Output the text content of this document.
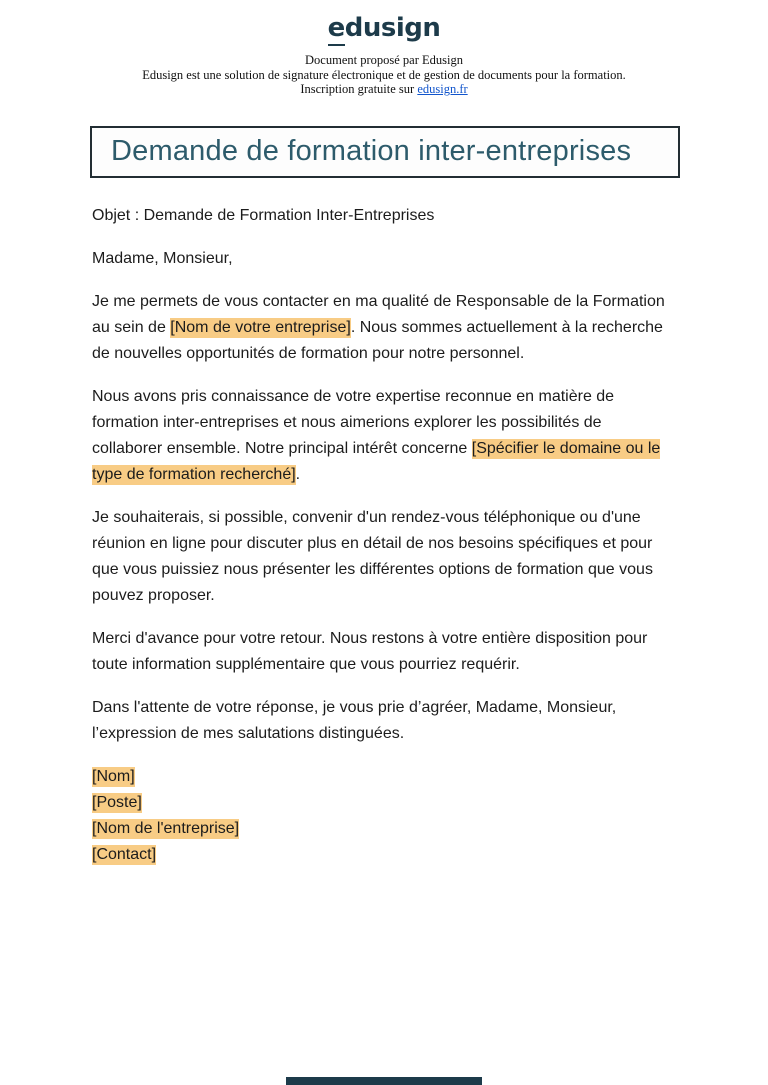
edusign
Document proposé par Edusign
Edusign est une solution de signature électronique et de gestion de documents pour la formation.
Inscription gratuite sur edusign.fr
Demande de formation inter-entreprises

Objet : Demande de Formation Inter-Entreprises

Madame, Monsieur,

Je me permets de vous contacter en ma qualité de Responsable de la Formation au sein de [Nom de votre entreprise]. Nous sommes actuellement à la recherche de nouvelles opportunités de formation pour notre personnel.

Nous avons pris connaissance de votre expertise reconnue en matière de formation inter-entreprises et nous aimerions explorer les possibilités de collaborer ensemble. Notre principal intérêt concerne [Spécifier le domaine ou le type de formation recherché].

Je souhaiterais, si possible, convenir d'un rendez-vous téléphonique ou d'une réunion en ligne pour discuter plus en détail de nos besoins spécifiques et pour que vous puissiez nous présenter les différentes options de formation que vous pouvez proposer.

Merci d'avance pour votre retour. Nous restons à votre entière disposition pour toute information supplémentaire que vous pourriez requérir.

Dans l'attente de votre réponse, je vous prie d’agréer, Madame, Monsieur, l’expression de mes salutations distinguées.

[Nom]
[Poste]
[Nom de l'entreprise]
[Contact]
